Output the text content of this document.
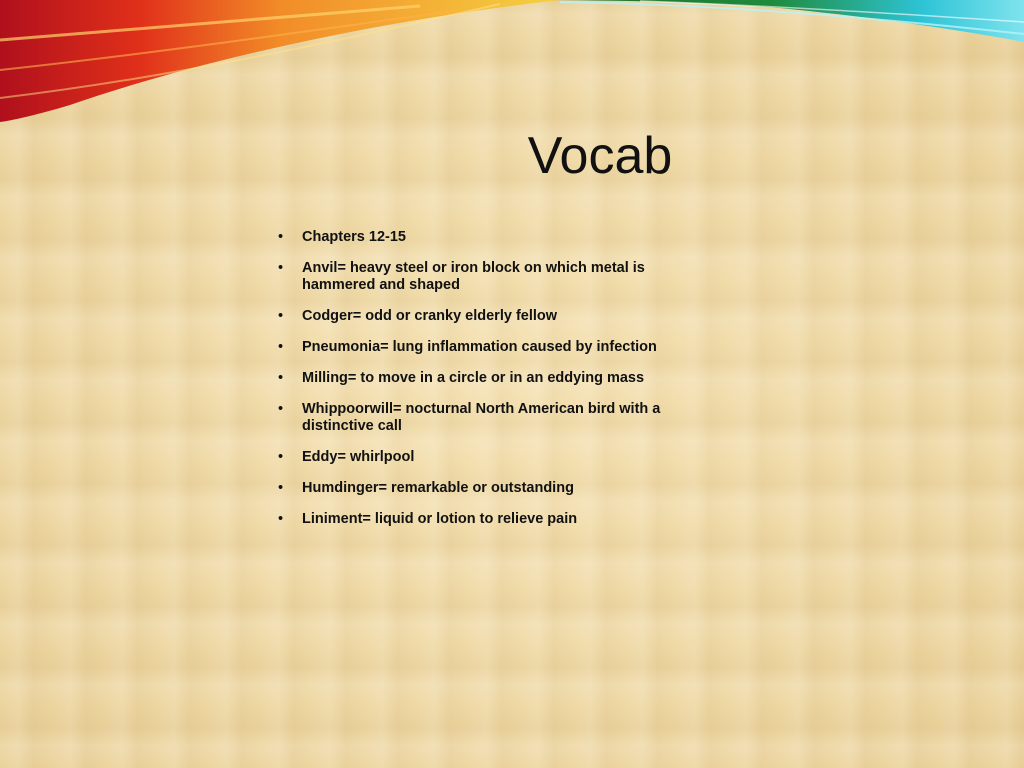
Vocab
• Chapters 12-15
• Anvil= heavy steel or iron block on which metal is hammered and shaped
• Codger= odd or cranky elderly fellow
• Pneumonia= lung inflammation caused by infection
• Milling= to move in a circle or in an eddying mass
• Whippoorwill= nocturnal North American bird with a distinctive call
• Eddy= whirlpool
• Humdinger= remarkable or outstanding
• Liniment= liquid or lotion to relieve pain
